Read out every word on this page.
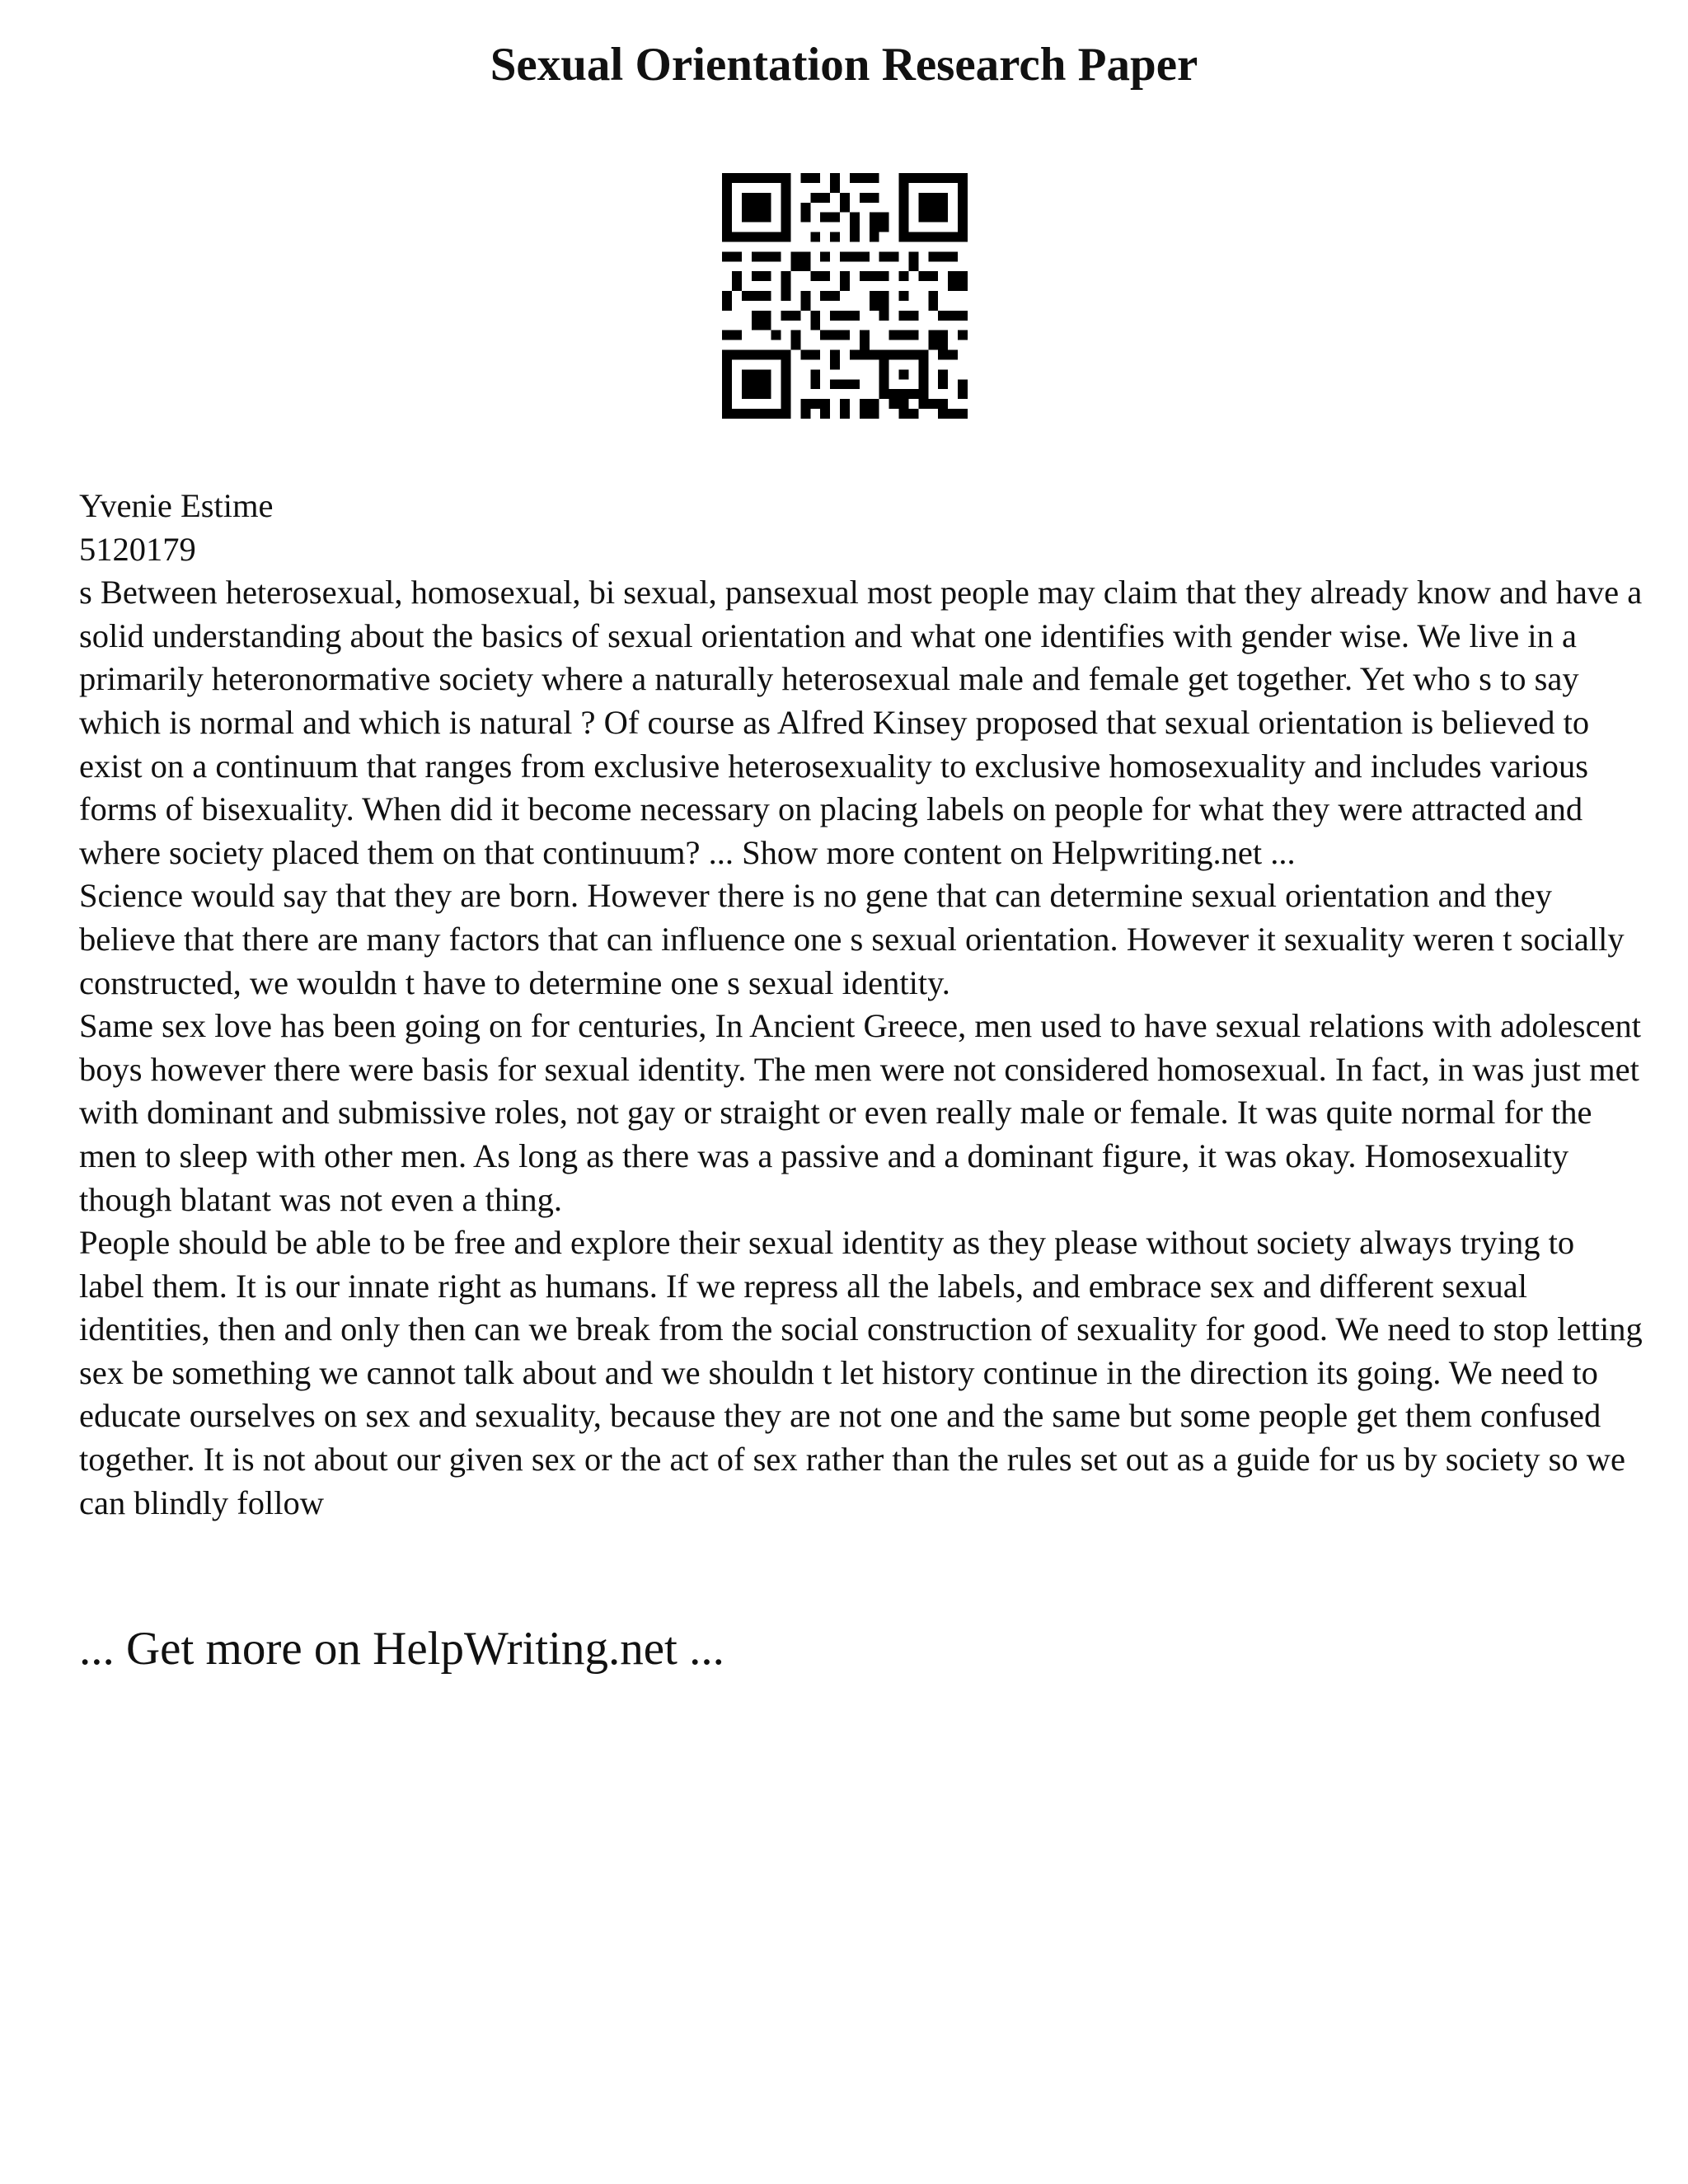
Sexual Orientation Research Paper

Yvenie Estime

5120179

s Between heterosexual, homosexual, bi sexual, pansexual most people may claim that they already know and have a solid understanding about the basics of sexual orientation and what one identifies with gender wise. We live in a primarily heteronormative society where a naturally heterosexual male and female get together. Yet who s to say which is normal and which is natural ? Of course as Alfred Kinsey proposed that sexual orientation is believed to exist on a continuum that ranges from exclusive heterosexuality to exclusive homosexuality and includes various forms of bisexuality. When did it become necessary on placing labels on people for what they were attracted and where society placed them on that continuum? ... Show more content on Helpwriting.net ...

Science would say that they are born. However there is no gene that can determine sexual orientation and they believe that there are many factors that can influence one s sexual orientation. However it sexuality weren t socially constructed, we wouldn t have to determine one s sexual identity.

Same sex love has been going on for centuries, In Ancient Greece, men used to have sexual relations with adolescent boys however there were basis for sexual identity. The men were not considered homosexual. In fact, in was just met with dominant and submissive roles, not gay or straight or even really male or female. It was quite normal for the men to sleep with other men. As long as there was a passive and a dominant figure, it was okay. Homosexuality though blatant was not even a thing.

People should be able to be free and explore their sexual identity as they please without society always trying to label them. It is our innate right as humans. If we repress all the labels, and embrace sex and different sexual identities, then and only then can we break from the social construction of sexuality for good. We need to stop letting sex be something we cannot talk about and we shouldn t let history continue in the direction its going. We need to educate ourselves on sex and sexuality, because they are not one and the same but some people get them confused together. It is not about our given sex or the act of sex rather than the rules set out as a guide for us by society so we can blindly follow

... Get more on HelpWriting.net ...
